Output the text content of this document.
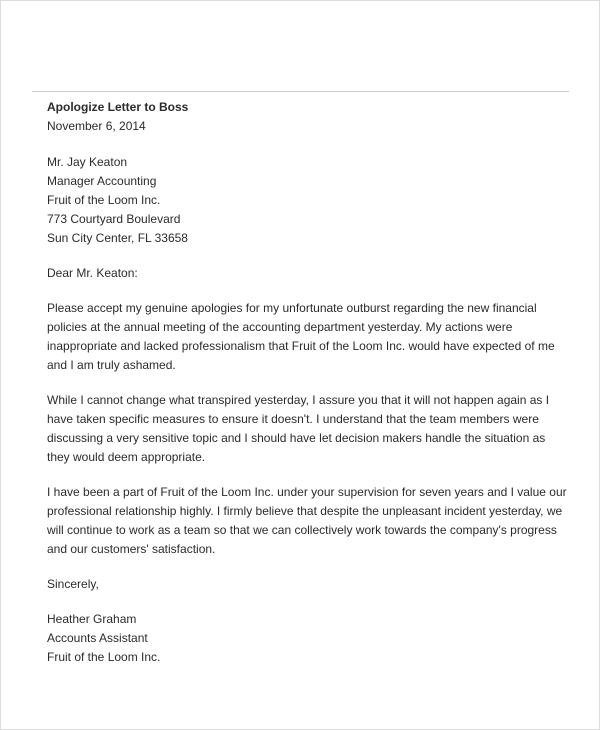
Apologize Letter to Boss

November 6, 2014

Mr. Jay Keaton

Manager Accounting

Fruit of the Loom Inc.

773 Courtyard Boulevard

Sun City Center, FL 33658

Dear Mr. Keaton:

Please accept my genuine apologies for my unfortunate outburst regarding the new financial policies at the annual meeting of the accounting department yesterday. My actions were inappropriate and lacked professionalism that Fruit of the Loom Inc. would have expected of me and I am truly ashamed.

While I cannot change what transpired yesterday, I assure you that it will not happen again as I have taken specific measures to ensure it doesn't. I understand that the team members were discussing a very sensitive topic and I should have let decision makers handle the situation as they would deem appropriate.

I have been a part of Fruit of the Loom Inc. under your supervision for seven years and I value our professional relationship highly. I firmly believe that despite the unpleasant incident yesterday, we will continue to work as a team so that we can collectively work towards the company's progress and our customers' satisfaction.

Sincerely,

Heather Graham

Accounts Assistant

Fruit of the Loom Inc.
